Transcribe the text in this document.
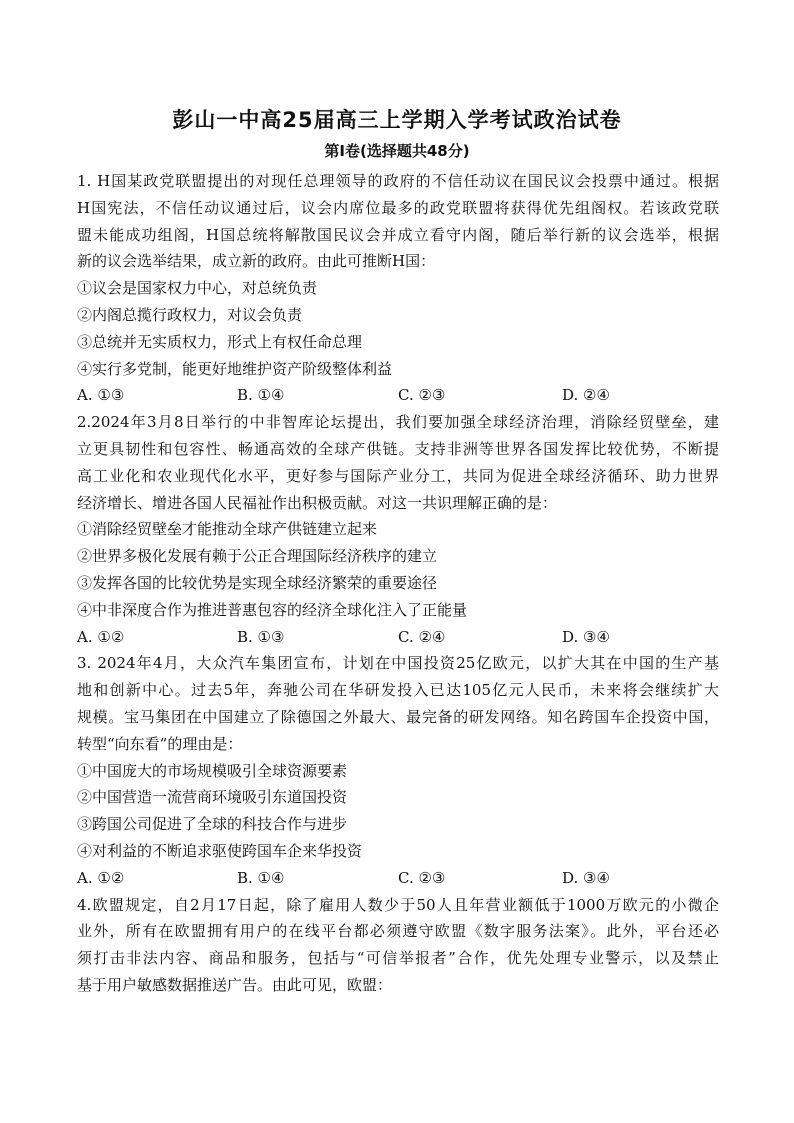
彭山一中高25届高三上学期入学考试政治试卷
第Ⅰ卷(选择题共48分)
1. H国某政党联盟提出的对现任总理领导的政府的不信任动议在国民议会投票中通过。根据
H国宪法，不信任动议通过后，议会内席位最多的政党联盟将获得优先组阁权。若该政党联
盟未能成功组阁，H国总统将解散国民议会并成立看守内阁，随后举行新的议会选举，根据
新的议会选举结果，成立新的政府。由此可推断H国：
①议会是国家权力中心，对总统负责
②内阁总揽行政权力，对议会负责
③总统并无实质权力，形式上有权任命总理
④实行多党制，能更好地维护资产阶级整体利益
A. ①③	B. ①④	C. ②③	D. ②④
2.2024年3月8日举行的中非智库论坛提出，我们要加强全球经济治理，消除经贸壁垒，建
立更具韧性和包容性、畅通高效的全球产供链。支持非洲等世界各国发挥比较优势，不断提
高工业化和农业现代化水平，更好参与国际产业分工，共同为促进全球经济循环、助力世界
经济增长、增进各国人民福祉作出积极贡献。对这一共识理解正确的是：
①消除经贸壁垒才能推动全球产供链建立起来
②世界多极化发展有赖于公正合理国际经济秩序的建立
③发挥各国的比较优势是实现全球经济繁荣的重要途径
④中非深度合作为推进普惠包容的经济全球化注入了正能量
A. ①②	B. ①③	C. ②④	D. ③④
3. 2024年4月，大众汽车集团宣布，计划在中国投资25亿欧元，以扩大其在中国的生产基
地和创新中心。过去5年，奔驰公司在华研发投入已达105亿元人民币，未来将会继续扩大
规模。宝马集团在中国建立了除德国之外最大、最完备的研发网络。知名跨国车企投资中国，
转型“向东看”的理由是：
①中国庞大的市场规模吸引全球资源要素
②中国营造一流营商环境吸引东道国投资
③跨国公司促进了全球的科技合作与进步
④对利益的不断追求驱使跨国车企来华投资
A. ①②	B. ①④	C. ②③	D. ③④
4.欧盟规定，自2月17日起，除了雇用人数少于50人且年营业额低于1000万欧元的小微企
业外，所有在欧盟拥有用户的在线平台都必须遵守欧盟《数字服务法案》。此外，平台还必
须打击非法内容、商品和服务，包括与“可信举报者”合作，优先处理专业警示，以及禁止
基于用户敏感数据推送广告。由此可见，欧盟：
